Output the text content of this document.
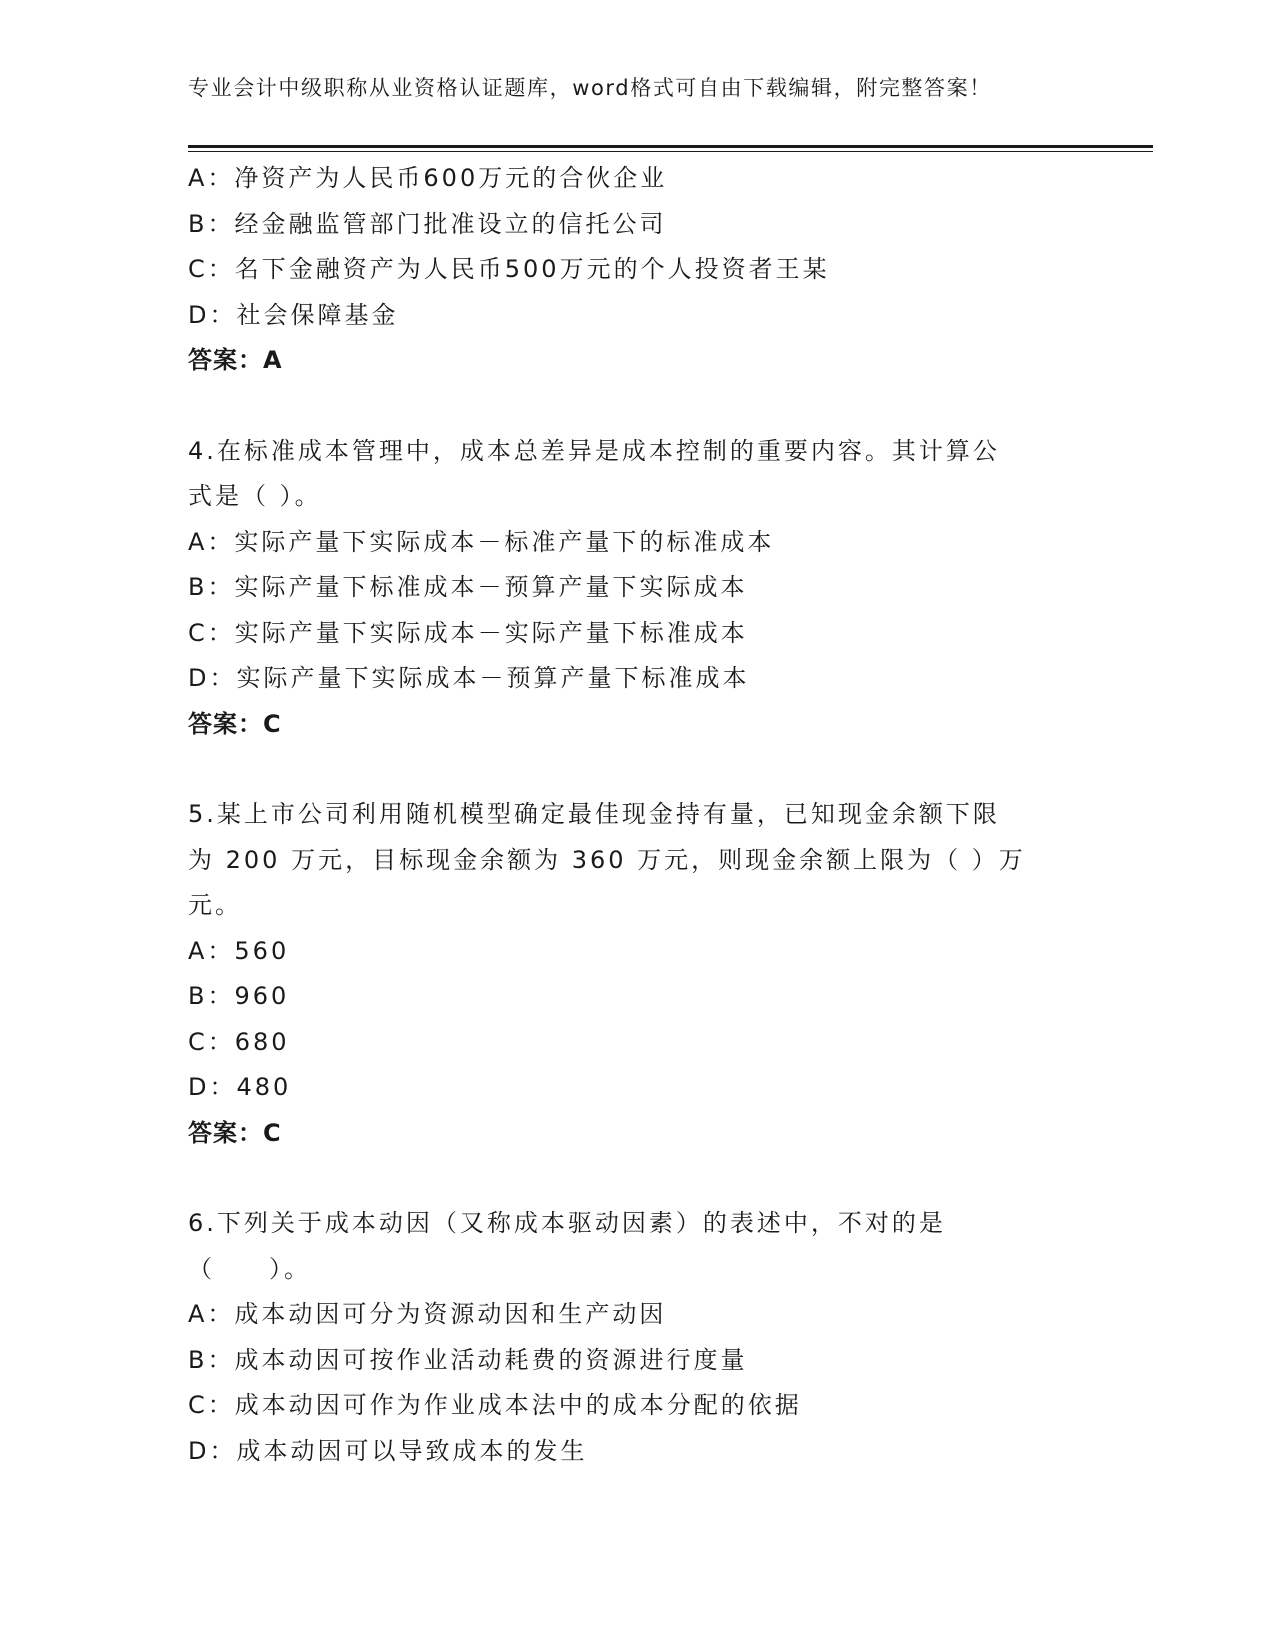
专业会计中级职称从业资格认证题库，word格式可自由下载编辑，附完整答案！
A：净资产为人民币600万元的合伙企业
B：经金融监管部门批准设立的信托公司
C：名下金融资产为人民币500万元的个人投资者王某
D：社会保障基金
答案：A
4.在标准成本管理中，成本总差异是成本控制的重要内容。其计算公
式是（ ）。
A：实际产量下实际成本－标准产量下的标准成本
B：实际产量下标准成本－预算产量下实际成本
C：实际产量下实际成本－实际产量下标准成本
D：实际产量下实际成本－预算产量下标准成本
答案：C
5.某上市公司利用随机模型确定最佳现金持有量，已知现金余额下限
为 200 万元，目标现金余额为 360 万元，则现金余额上限为（ ）万
元。
A：560
B：960
C：680
D：480
答案：C
6.下列关于成本动因（又称成本驱动因素）的表述中，不对的是
（　　）。
A：成本动因可分为资源动因和生产动因
B：成本动因可按作业活动耗费的资源进行度量
C：成本动因可作为作业成本法中的成本分配的依据
D：成本动因可以导致成本的发生
